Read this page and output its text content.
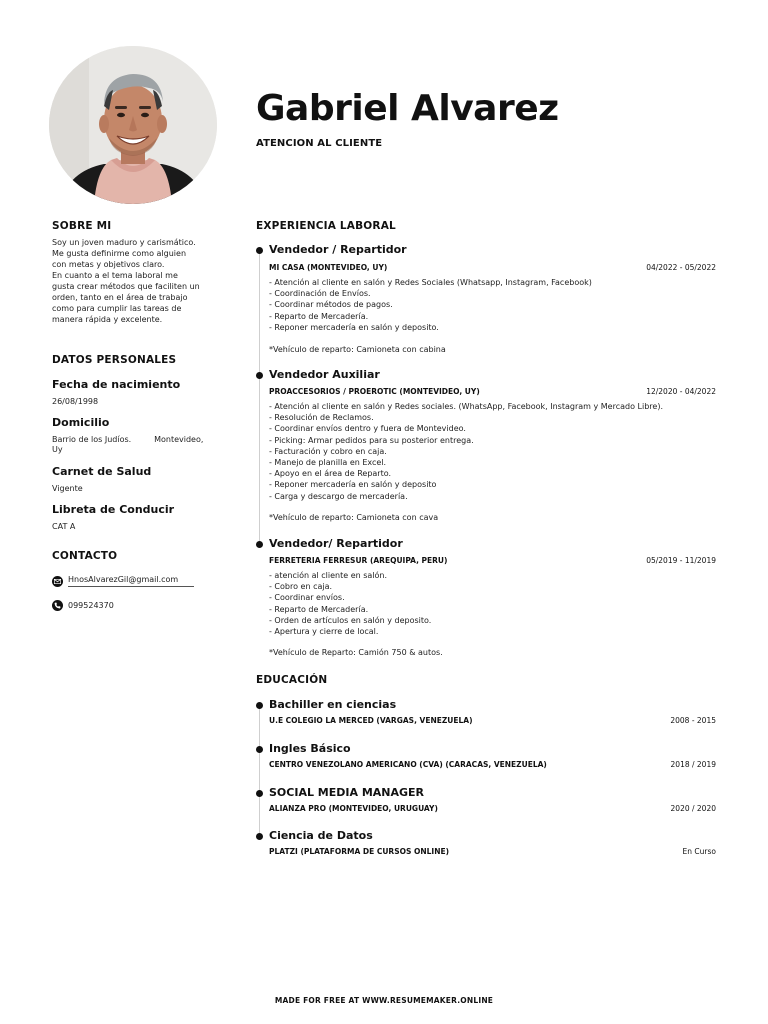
Gabriel Alvarez
ATENCION AL CLIENTE
SOBRE MI
Soy un joven maduro y carismático.
Me gusta definirme como alguien
con metas y objetivos claro.
En cuanto a el tema laboral me
gusta crear métodos que faciliten un
orden, tanto en el área de trabajo
como para cumplir las tareas de
manera rápida y excelente.
DATOS PERSONALES
Fecha de nacimiento
26/08/1998
Domicilio
Barrio de los Judíos.         Montevideo,
Uy
Carnet de Salud
Vigente
Libreta de Conducir
CAT A
CONTACTO
HnosAlvarezGil@gmail.com
099524370
EXPERIENCIA LABORAL
EDUCACIÓN
Vendedor / Repartidor
MI CASA (MONTEVIDEO, UY)	04/2022 - 05/2022
- Atención al cliente en salón y Redes Sociales (Whatsapp, Instagram, Facebook)
- Coordinación de Envíos.
- Coordinar métodos de pagos.
- Reparto de Mercadería.
- Reponer mercadería en salón y deposito.
*Vehículo de reparto: Camioneta con cabina
Vendedor Auxiliar
PROACCESORIOS / PROEROTIC (MONTEVIDEO, UY)	12/2020 - 04/2022
- Atención al cliente en salón y Redes sociales. (WhatsApp, Facebook, Instagram y Mercado Libre).
- Resolución de Reclamos.
- Coordinar envíos dentro y fuera de Montevideo.
- Picking: Armar pedidos para su posterior entrega.
- Facturación y cobro en caja.
- Manejo de planilla en Excel.
- Apoyo en el área de Reparto.
- Reponer mercadería en salón y deposito
- Carga y descargo de mercadería.
*Vehículo de reparto: Camioneta con cava
Vendedor/ Repartidor
FERRETERIA FERRESUR (AREQUIPA, PERU)	05/2019 - 11/2019
- atención al cliente en salón.
- Cobro en caja.
- Coordinar envíos.
- Reparto de Mercadería.
- Orden de artículos en salón y deposito.
- Apertura y cierre de local.
*Vehículo de Reparto: Camión 750 & autos.
Bachiller en ciencias
U.E COLEGIO LA MERCED (VARGAS, VENEZUELA)	2008 - 2015
Ingles Básico
CENTRO VENEZOLANO AMERICANO (CVA) (CARACAS, VENEZUELA)	2018 / 2019
SOCIAL MEDIA MANAGER
ALIANZA PRO (MONTEVIDEO, URUGUAY)	2020 / 2020
Ciencia de Datos
PLATZI (PLATAFORMA DE CURSOS ONLINE)	En Curso
MADE FOR FREE AT WWW.RESUMEMAKER.ONLINE
